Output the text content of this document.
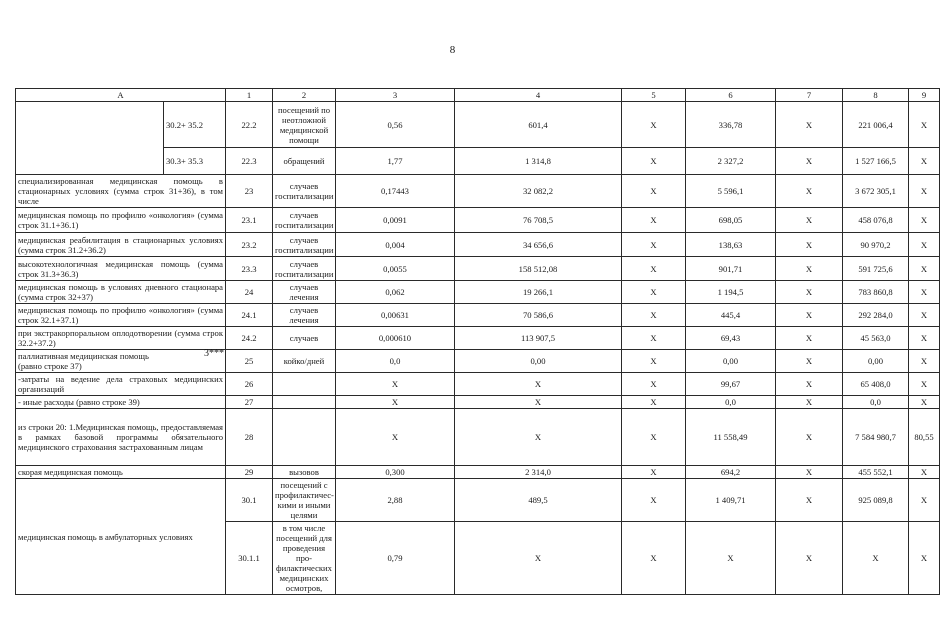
8
A		1	2	3	4	5	6	7	8	9
	30.2+ 35.2	22.2	посещений по неотложной медицинской помощи	0,56	601,4	X	336,78	X	221 006,4	X
	30.3+ 35.3	22.3	обращений	1,77	1 314,8	X	2 327,2	X	1 527 166,5	X
специализированная медицинская помощь в стационарных условиях (сумма строк 31+36), в том числе		23	случаев госпитализации	0,17443	32 082,2	X	5 596,1	X	3 672 305,1	X
медицинская помощь по профилю «онкология» (сумма строк 31.1+36.1)		23.1	случаев госпитализации	0,0091	76 708,5	X	698,05	X	458 076,8	X
медицинская реабилитация в стационарных условиях (сумма строк 31.2+36.2)		23.2	случаев госпитализации	0,004	34 656,6	X	138,63	X	90 970,2	X
высокотехнологичная медицинская помощь (сумма строк 31.3+36.3)		23.3	случаев госпитализации	0,0055	158 512,08	X	901,71	X	591 725,6	X
медицинская помощь в условиях дневного стационара (сумма строк 32+37)		24	случаев лечения	0,062	19 266,1	X	1 194,5	X	783 860,8	X
медицинская помощь по профилю «онкология» (сумма строк 32.1+37.1)		24.1	случаев лечения	0,00631	70 586,6	X	445,4	X	292 284,0	X
при экстракорпоральном оплодотворении (сумма строк 32.2+37.2)		24.2	случаев	0,000610	113 907,5	X	69,43	X	45 563,0	X
паллиативная медицинская помощь 3***

(равно строке 37)		25	койко/дней	0,0	0,00	X	0,00	X	0,00	X
-затраты на ведение дела страховых медицинских организаций		26		X	X	X	99,67	X	65 408,0	X
- иные расходы (равно строке 39)		27		X	X	X	0,0	X	0,0	X
из строки 20: 1.Медицинская помощь, предоставляемая в рамках базовой программы обязательного медицинского страхования застрахованным лицам		28		X	X	X	11 558,49	X	7 584 980,7	80,55
скорая медицинская помощь		29	вызовов	0,300	2 314,0	X	694,2	X	455 552,1	X
медицинская помощь в амбулаторных условиях		30.1	посещений с профилактичес-кими и иными целями	2,88	489,5	X	1 409,71	X	925 089,8	X
		30.1.1	в том числе посещений для проведения про-филактических медицинских осмотров,	0,79	X	X	X	X	X	X
